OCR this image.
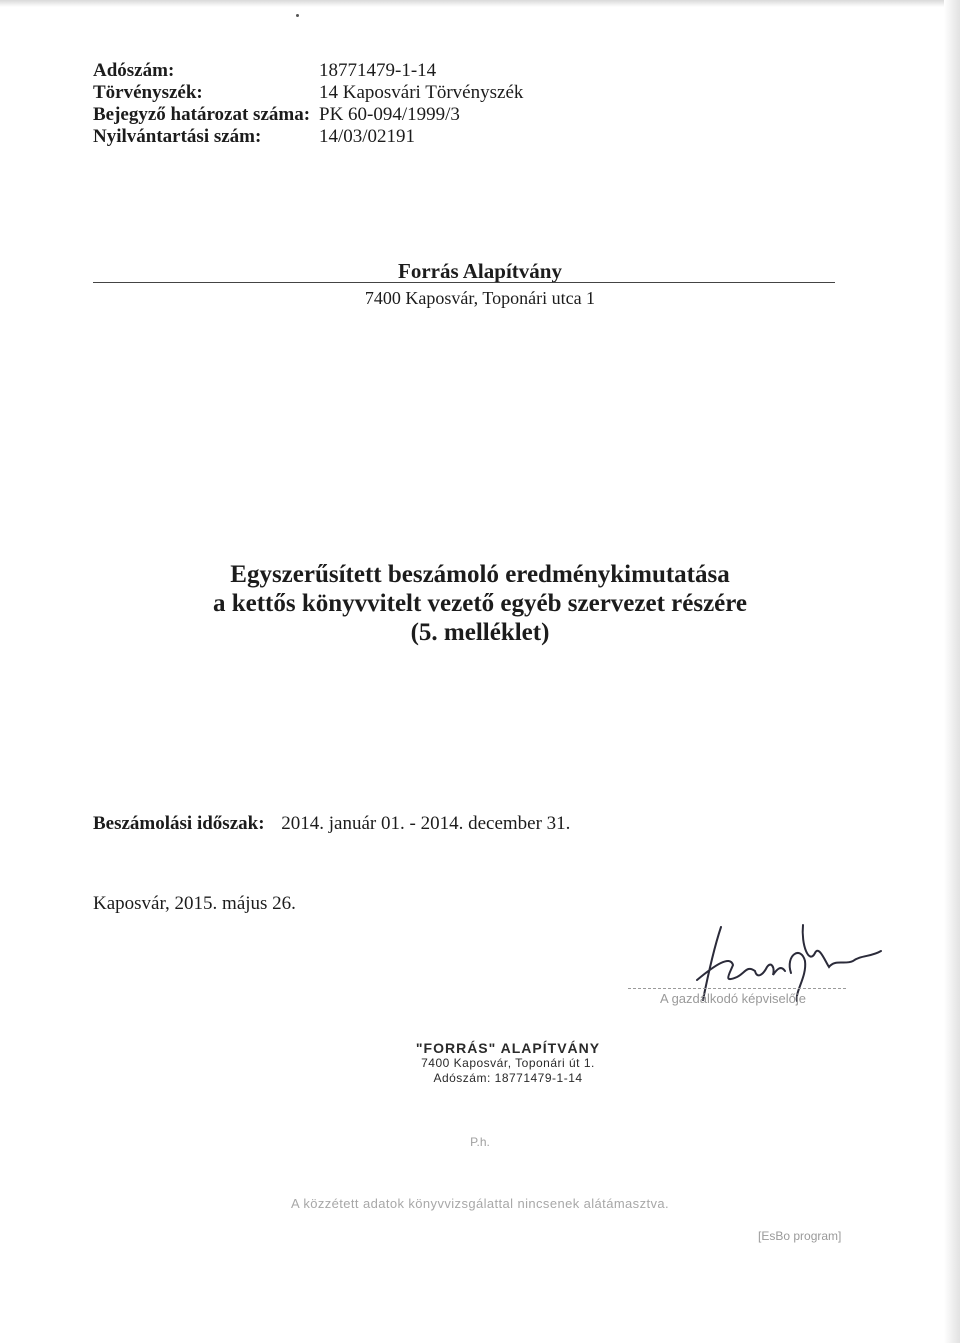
Adószám:	18771479-1-14
Törvényszék:	14 Kaposvári Törvényszék
Bejegyző határozat száma: PK 60-094/1999/3
Nyilvántartási szám:	14/03/02191
Forrás Alapítvány
7400 Kaposvár, Toponári utca 1
Egyszerűsített beszámoló eredménykimutatása
a kettős könyvvitelt vezető egyéb szervezet részére
(5. melléklet)
Beszámolási időszak: 2014. január 01. - 2014. december 31.
Kaposvár, 2015. május 26.
A gazdálkodó képviselője
"FORRÁS" ALAPÍTVÁNY
7400 Kaposvár, Toponári út 1.
Adószám: 18771479-1-14
P.h.
A közzétett adatok könyvvizsgálattal nincsenek alátámasztva.
[EsBo program]
